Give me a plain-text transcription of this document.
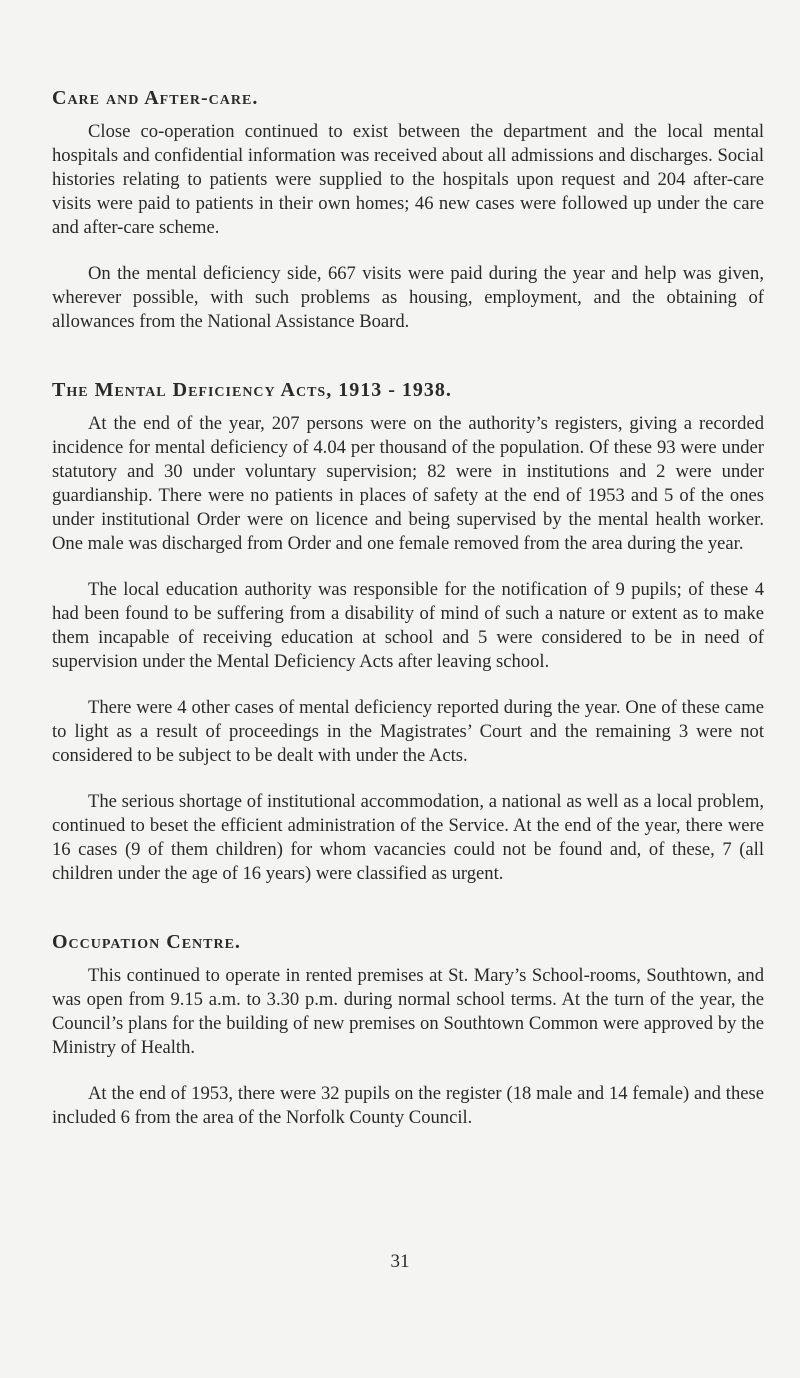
Care and After-care.

Close co-operation continued to exist between the department and the local mental hospitals and confidential information was received about all admissions and discharges. Social histories relating to patients were supplied to the hospitals upon request and 204 after-care visits were paid to patients in their own homes; 46 new cases were followed up under the care and after-care scheme.

On the mental deficiency side, 667 visits were paid during the year and help was given, wherever possible, with such problems as housing, employment, and the obtaining of allowances from the National Assistance Board.

The Mental Deficiency Acts, 1913 - 1938.

At the end of the year, 207 persons were on the authority’s registers, giving a recorded incidence for mental deficiency of 4.04 per thousand of the population. Of these 93 were under statutory and 30 under voluntary supervision; 82 were in institutions and 2 were under guardianship. There were no patients in places of safety at the end of 1953 and 5 of the ones under institutional Order were on licence and being supervised by the mental health worker. One male was discharged from Order and one female removed from the area during the year.

The local education authority was responsible for the notification of 9 pupils; of these 4 had been found to be suffering from a disability of mind of such a nature or extent as to make them incapable of receiving education at school and 5 were considered to be in need of supervision under the Mental Deficiency Acts after leaving school.

There were 4 other cases of mental deficiency reported during the year. One of these came to light as a result of proceedings in the Magistrates’ Court and the remaining 3 were not considered to be subject to be dealt with under the Acts.

The serious shortage of institutional accommodation, a national as well as a local problem, continued to beset the efficient administration of the Service. At the end of the year, there were 16 cases (9 of them children) for whom vacancies could not be found and, of these, 7 (all children under the age of 16 years) were classified as urgent.

Occupation Centre.

This continued to operate in rented premises at St. Mary’s School-rooms, Southtown, and was open from 9.15 a.m. to 3.30 p.m. during normal school terms. At the turn of the year, the Council’s plans for the building of new premises on Southtown Common were approved by the Ministry of Health.

At the end of 1953, there were 32 pupils on the register (18 male and 14 female) and these included 6 from the area of the Norfolk County Council.

31
